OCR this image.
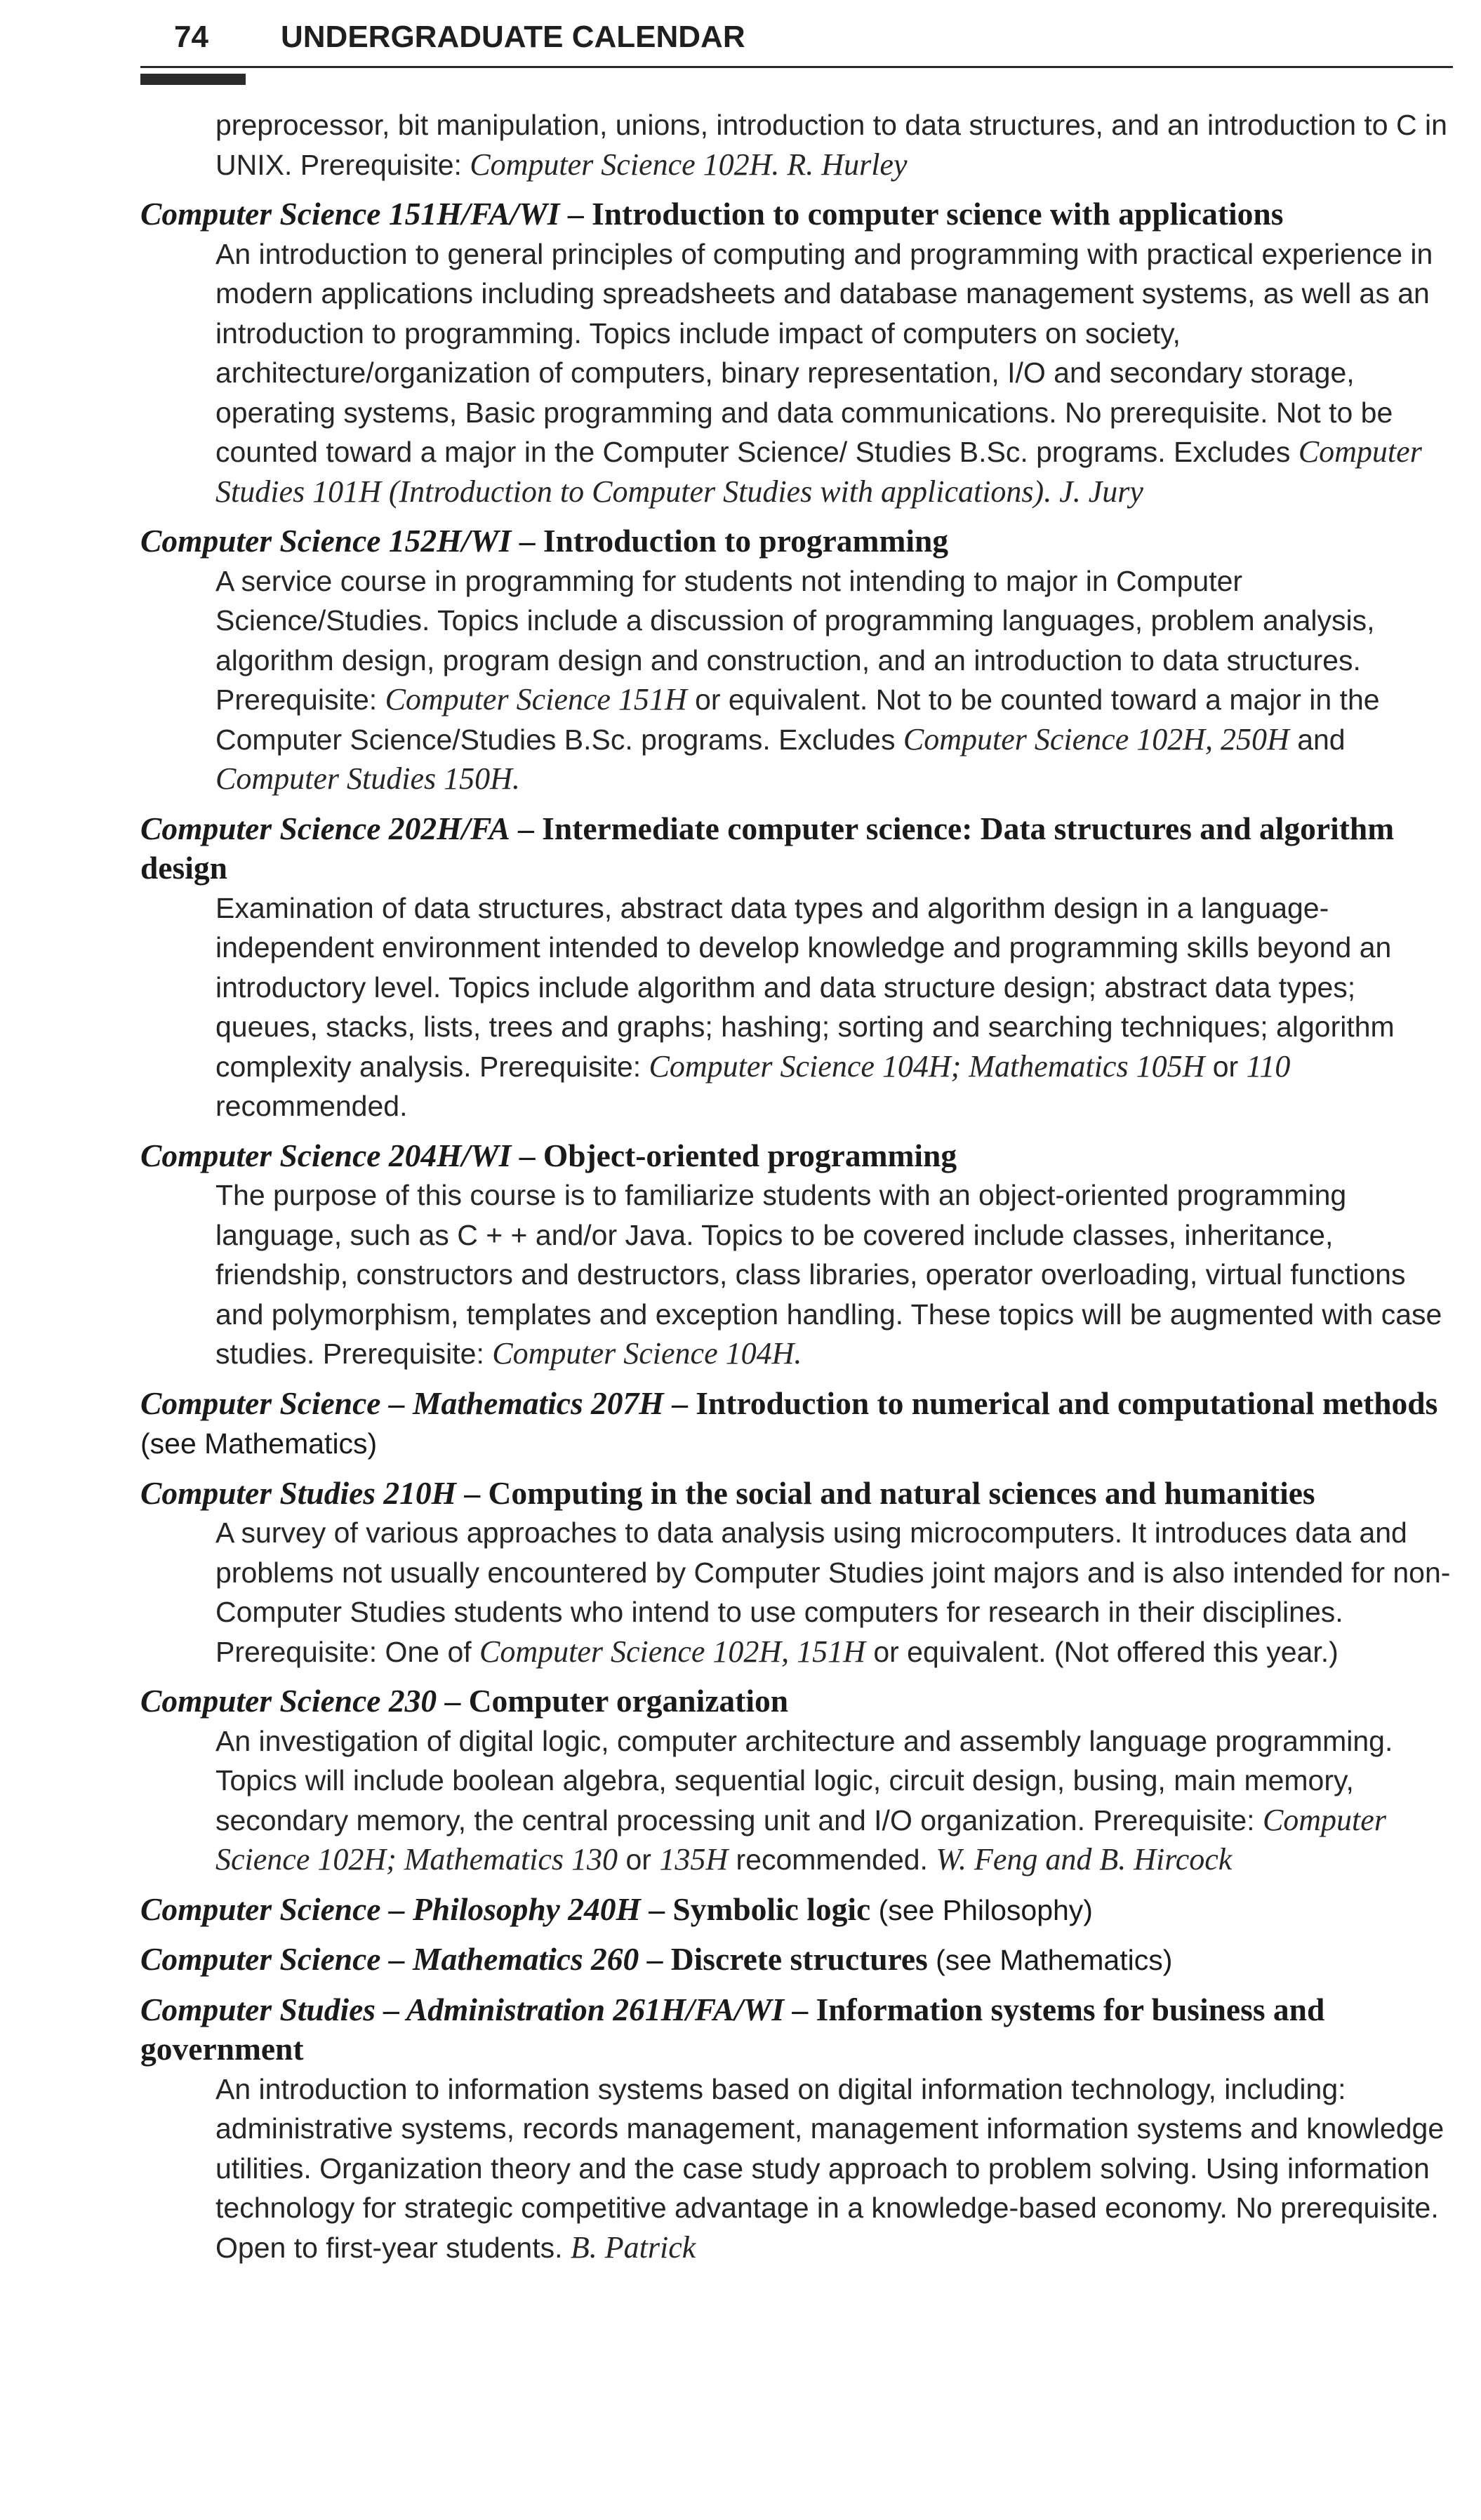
74 UNDERGRADUATE CALENDAR

preprocessor, bit manipulation, unions, introduction to data structures, and an introduction to C in UNIX. Prerequisite: Computer Science 102H. R. Hurley

Computer Science 151H/FA/WI – Introduction to computer science with applications

An introduction to general principles of computing and programming with practical experience in modern applications including spreadsheets and database management systems, as well as an introduction to programming. Topics include impact of computers on society, architecture/organization of computers, binary representation, I/O and secondary storage, operating systems, Basic programming and data communications. No prerequisite. Not to be counted toward a major in the Computer Science/ Studies B.Sc. programs. Excludes Computer Studies 101H (Introduction to Computer Studies with applications). J. Jury

Computer Science 152H/WI – Introduction to programming

A service course in programming for students not intending to major in Computer Science/Studies. Topics include a discussion of programming languages, problem analysis, algorithm design, program design and construction, and an introduction to data structures. Prerequisite: Computer Science 151H or equivalent. Not to be counted toward a major in the Computer Science/Studies B.Sc. programs. Excludes Computer Science 102H, 250H and Computer Studies 150H.

Computer Science 202H/FA – Intermediate computer science: Data structures and algorithm design

Examination of data structures, abstract data types and algorithm design in a language-independent environment intended to develop knowledge and programming skills beyond an introductory level. Topics include algorithm and data structure design; abstract data types; queues, stacks, lists, trees and graphs; hashing; sorting and searching techniques; algorithm complexity analysis. Prerequisite: Computer Science 104H; Mathematics 105H or 110 recommended.

Computer Science 204H/WI – Object-oriented programming

The purpose of this course is to familiarize students with an object-oriented programming language, such as C + + and/or Java. Topics to be covered include classes, inheritance, friendship, constructors and destructors, class libraries, operator overloading, virtual functions and polymorphism, templates and exception handling. These topics will be augmented with case studies. Prerequisite: Computer Science 104H.

Computer Science – Mathematics 207H – Introduction to numerical and computational methods (see Mathematics)

Computer Studies 210H – Computing in the social and natural sciences and humanities

A survey of various approaches to data analysis using microcomputers. It introduces data and problems not usually encountered by Computer Studies joint majors and is also intended for non-Computer Studies students who intend to use computers for research in their disciplines. Prerequisite: One of Computer Science 102H, 151H or equivalent. (Not offered this year.)

Computer Science 230 – Computer organization

An investigation of digital logic, computer architecture and assembly language programming. Topics will include boolean algebra, sequential logic, circuit design, busing, main memory, secondary memory, the central processing unit and I/O organization. Prerequisite: Computer Science 102H; Mathematics 130 or 135H recommended. W. Feng and B. Hircock

Computer Science – Philosophy 240H – Symbolic logic (see Philosophy)

Computer Science – Mathematics 260 – Discrete structures (see Mathematics)

Computer Studies – Administration 261H/FA/WI – Information systems for business and government

An introduction to information systems based on digital information technology, including: administrative systems, records management, management information systems and knowledge utilities. Organization theory and the case study approach to problem solving. Using information technology for strategic competitive advantage in a knowledge-based economy. No prerequisite. Open to first-year students. B. Patrick
